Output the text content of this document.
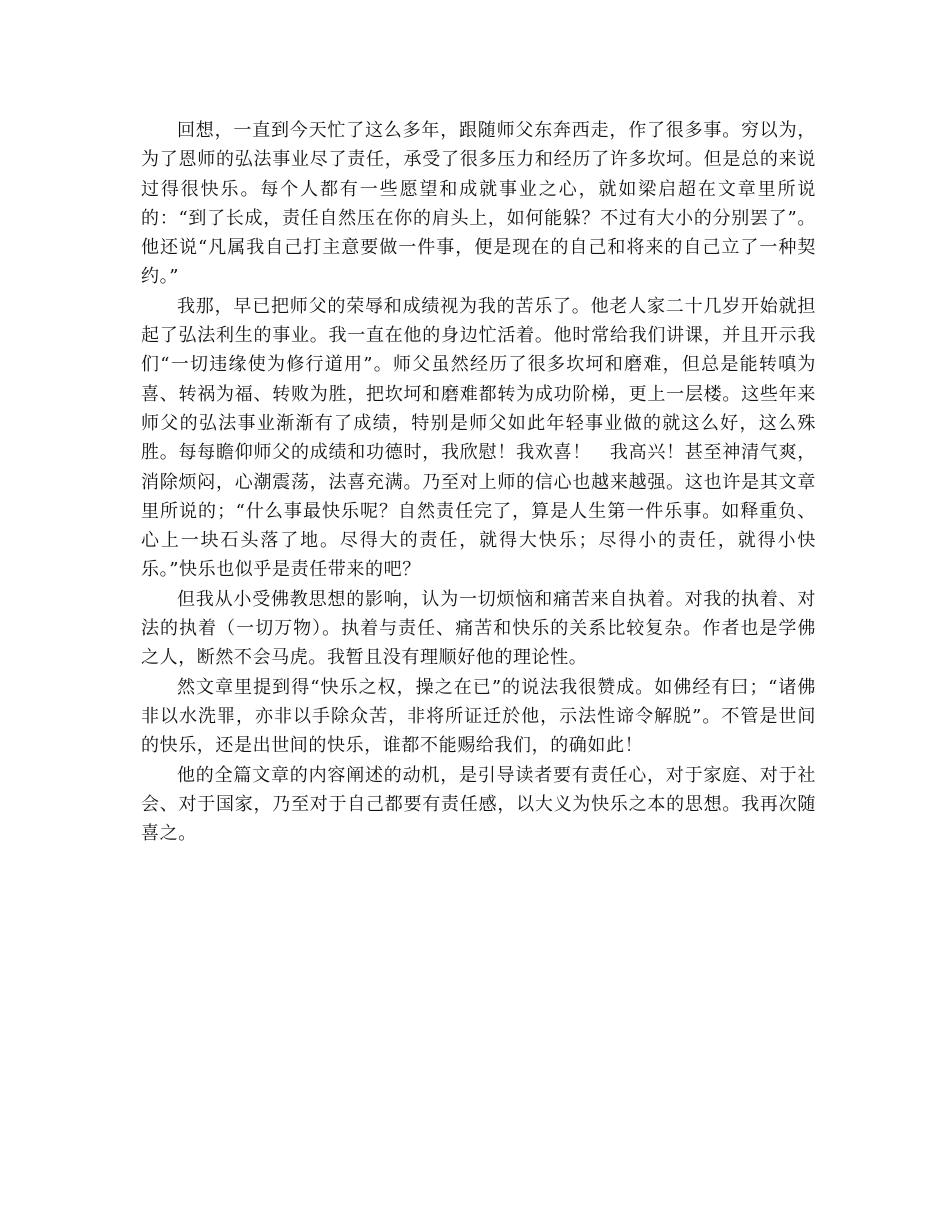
回想，一直到今天忙了这么多年，跟随师父东奔西走，作了很多事。穷以为，为了恩师的弘法事业尽了责任，承受了很多压力和经历了许多坎坷。但是总的来说过得很快乐。每个人都有一些愿望和成就事业之心，就如梁启超在文章里所说的：“到了长成，责任自然压在你的肩头上，如何能躲？不过有大小的分别罢了”。他还说“凡属我自己打主意要做一件事，便是现在的自己和将来的自己立了一种契约。”

我那，早已把师父的荣辱和成绩视为我的苦乐了。他老人家二十几岁开始就担起了弘法利生的事业。我一直在他的身边忙活着。他时常给我们讲课，并且开示我们“一切违缘使为修行道用”。师父虽然经历了很多坎坷和磨难，但总是能转嗔为喜、转祸为福、转败为胜，把坎坷和磨难都转为成功阶梯，更上一层楼。这些年来师父的弘法事业渐渐有了成绩，特别是师父如此年轻事业做的就这么好，这么殊胜。每每瞻仰师父的成绩和功德时，我欣慰！我欢喜！　我高兴！甚至神清气爽，消除烦闷，心潮震荡，法喜充满。乃至对上师的信心也越来越强。这也许是其文章里所说的；“什么事最快乐呢？自然责任完了，算是人生第一件乐事。如释重负、心上一块石头落了地。尽得大的责任，就得大快乐；尽得小的责任，就得小快乐。”快乐也似乎是责任带来的吧？

但我从小受佛教思想的影响，认为一切烦恼和痛苦来自执着。对我的执着、对法的执着（一切万物）。执着与责任、痛苦和快乐的关系比较复杂。作者也是学佛之人，断然不会马虎。我暂且没有理顺好他的理论性。

然文章里提到得“快乐之权，操之在已”的说法我很赞成。如佛经有曰；“诸佛非以水洗罪，亦非以手除众苦，非将所证迁於他，示法性谛令解脱”。不管是世间的快乐，还是出世间的快乐，谁都不能赐给我们，的确如此！

他的全篇文章的内容阐述的动机，是引导读者要有责任心，对于家庭、对于社会、对于国家，乃至对于自己都要有责任感，以大义为快乐之本的思想。我再次随喜之。
